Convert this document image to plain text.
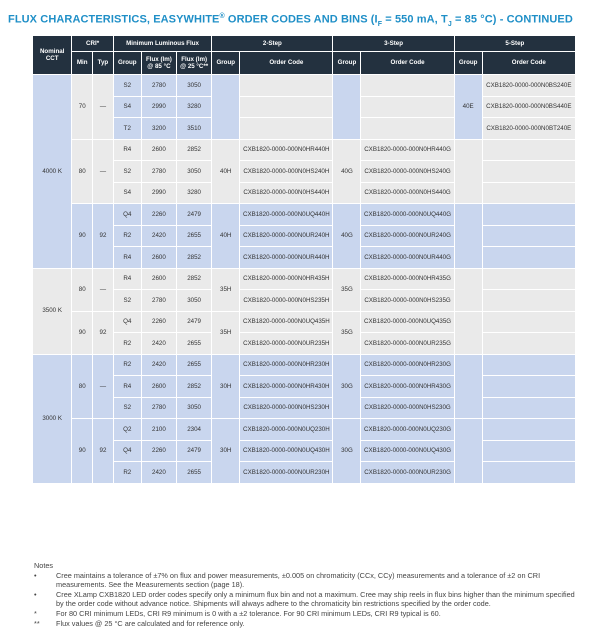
FLUX CHARACTERISTICS, EASYWHITE® ORDER CODES AND BINS ($I_F = 550$ mA, $T_J = 85$ °C) - CONTINUED
Nominal CCT	CRI*		Minimum Luminous Flux			2-Step		3-Step		5-Step	
	Min	Typ	Group	Flux (lm) @ 85 °C	Flux (lm) @ 25 °C**	Group	Order Code	Group	Order Code	Group	Order Code
4000 K	70	—	S2	2780	3050					40E	CXB1820-0000-000N0BS240E
			S4	2990	3280						CXB1820-0000-000N0BS440E
			T2	3200	3510						CXB1820-0000-000N0BT240E
	80	—	R4	2600	2852	40H	CXB1820-0000-000N0HR440H	40G	CXB1820-0000-000N0HR440G		
			S2	2780	3050		CXB1820-0000-000N0HS240H		CXB1820-0000-000N0HS240G		
			S4	2990	3280		CXB1820-0000-000N0HS440H		CXB1820-0000-000N0HS440G		
	90	92	Q4	2260	2479	40H	CXB1820-0000-000N0UQ440H	40G	CXB1820-0000-000N0UQ440G		
			R2	2420	2655		CXB1820-0000-000N0UR240H		CXB1820-0000-000N0UR240G		
			R4	2600	2852		CXB1820-0000-000N0UR440H		CXB1820-0000-000N0UR440G		
3500 K	80	—	R4	2600	2852	35H	CXB1820-0000-000N0HR435H	35G	CXB1820-0000-000N0HR435G		
			S2	2780	3050		CXB1820-0000-000N0HS235H		CXB1820-0000-000N0HS235G		
	90	92	Q4	2260	2479	35H	CXB1820-0000-000N0UQ435H	35G	CXB1820-0000-000N0UQ435G		
			R2	2420	2655		CXB1820-0000-000N0UR235H		CXB1820-0000-000N0UR235G		
3000 K	80	—	R2	2420	2655	30H	CXB1820-0000-000N0HR230H	30G	CXB1820-0000-000N0HR230G		
			R4	2600	2852		CXB1820-0000-000N0HR430H		CXB1820-0000-000N0HR430G		
			S2	2780	3050		CXB1820-0000-000N0HS230H		CXB1820-0000-000N0HS230G		
	90	92	Q2	2100	2304	30H	CXB1820-0000-000N0UQ230H	30G	CXB1820-0000-000N0UQ230G		
			Q4	2260	2479		CXB1820-0000-000N0UQ430H		CXB1820-0000-000N0UQ430G		
			R2	2420	2655		CXB1820-0000-000N0UR230H		CXB1820-0000-000N0UR230G		
Notes
•	Cree maintains a tolerance of ±7% on flux and power measurements, ±0.005 on chromaticity (CCx, CCy) measurements and a tolerance of ±2 on CRI measurements. See the Measurements section (page 18).
•	Cree XLamp CXB1820 LED order codes specify only a minimum flux bin and not a maximum. Cree may ship reels in flux bins higher than the minimum specified by the order code without advance notice. Shipments will always adhere to the chromaticity bin restrictions specified by the order code.
*	For 80 CRI minimum LEDs, CRI R9 minimum is 0 with a ±2 tolerance. For 90 CRI minimum LEDs, CRI R9 typical is 60.
**	Flux values @ 25 °C are calculated and for reference only.
